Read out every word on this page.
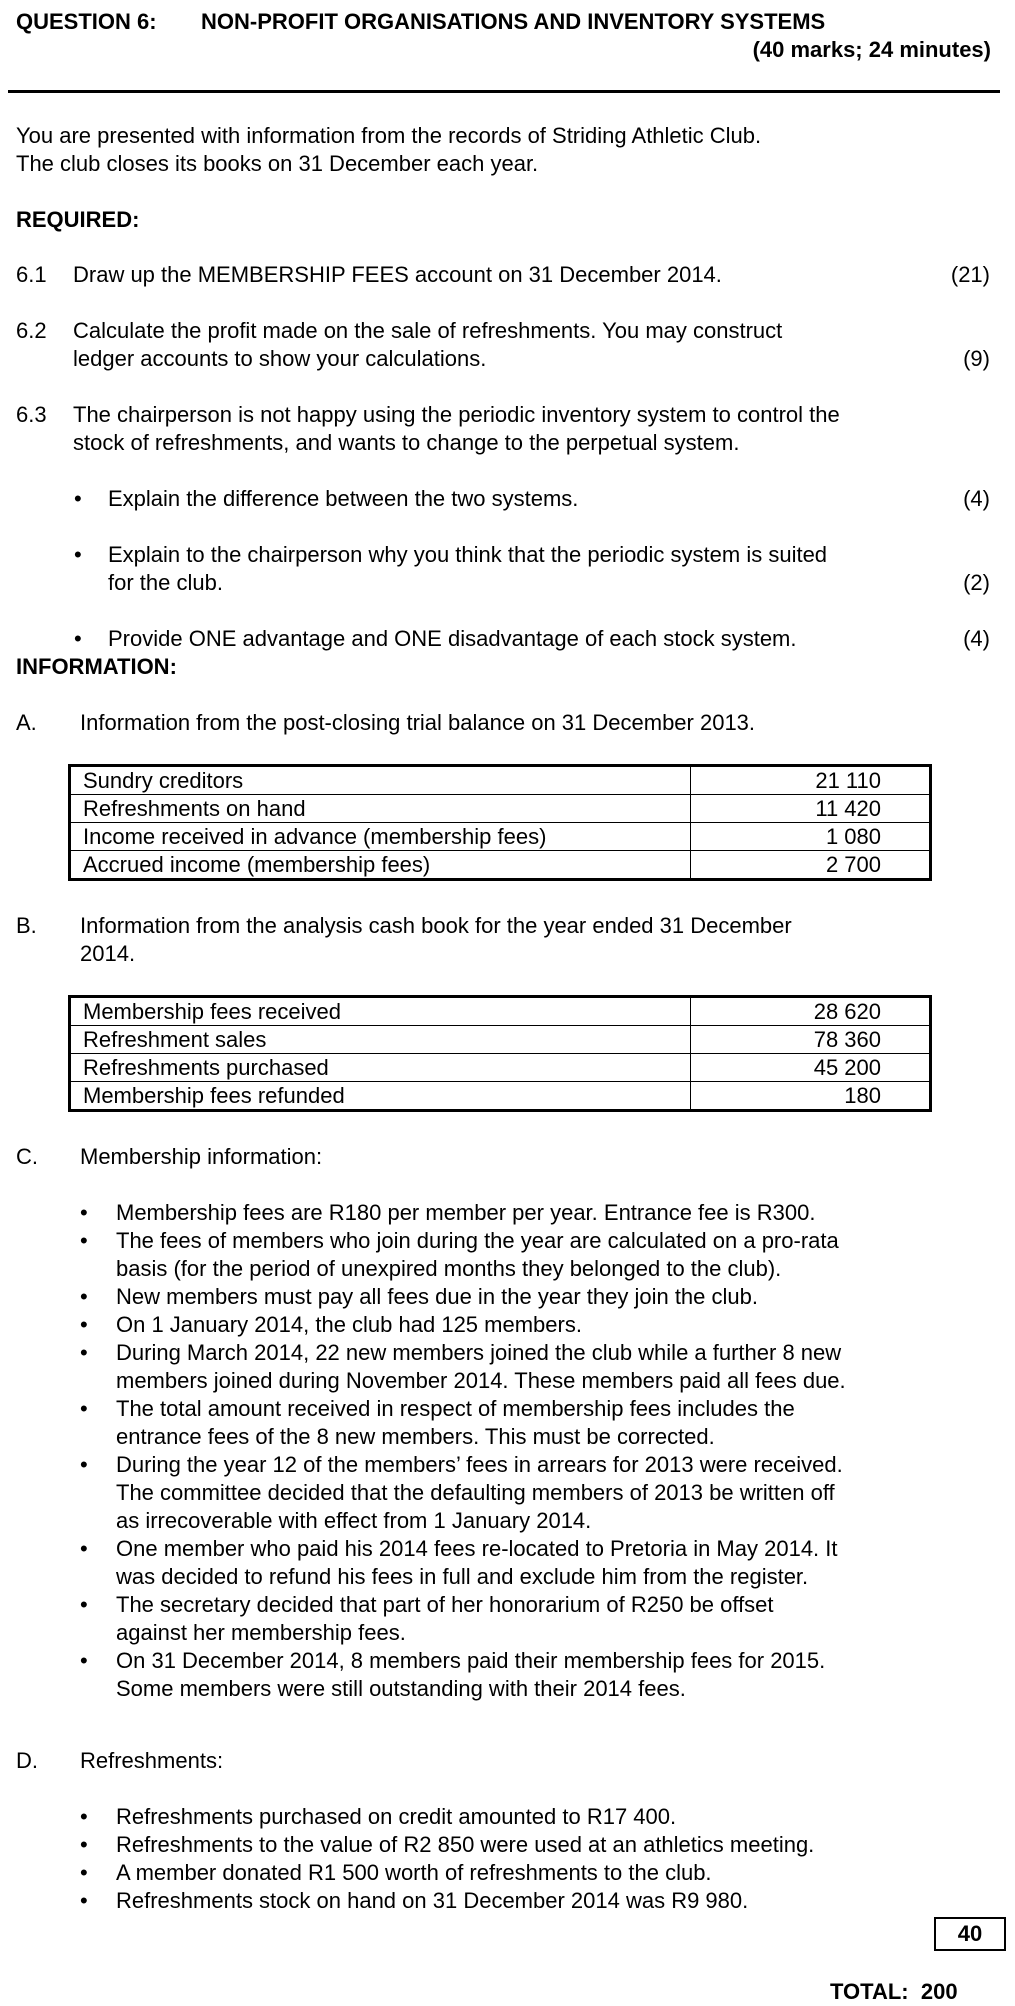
QUESTION 6: NON-PROFIT ORGANISATIONS AND INVENTORY SYSTEMS
(40 marks; 24 minutes)
You are presented with information from the records of Striding Athletic Club.
The club closes its books on 31 December each year.
REQUIRED:
6.1 Draw up the MEMBERSHIP FEES account on 31 December 2014.	(21)
6.2 Calculate the profit made on the sale of refreshments. You may construct
ledger accounts to show your calculations.	(9)
6.3 The chairperson is not happy using the periodic inventory system to control the
stock of refreshments, and wants to change to the perpetual system.
• Explain the difference between the two systems.	(4)
• Explain to the chairperson why you think that the periodic system is suited
for the club.	(2)
• Provide ONE advantage and ONE disadvantage of each stock system.	(4)
INFORMATION:
A. Information from the post-closing trial balance on 31 December 2013.
Sundry creditors	21 110
Refreshments on hand	11 420
Income received in advance (membership fees)	1 080
Accrued income (membership fees)	2 700
B. Information from the analysis cash book for the year ended 31 December
2014.
Membership fees received	28 620
Refreshment sales	78 360
Refreshments purchased	45 200
Membership fees refunded	180
C. Membership information:
• Membership fees are R180 per member per year. Entrance fee is R300.
• The fees of members who join during the year are calculated on a pro-rata
basis (for the period of unexpired months they belonged to the club).
• New members must pay all fees due in the year they join the club.
• On 1 January 2014, the club had 125 members.
• During March 2014, 22 new members joined the club while a further 8 new
members joined during November 2014. These members paid all fees due.
• The total amount received in respect of membership fees includes the
entrance fees of the 8 new members. This must be corrected.
• During the year 12 of the members’ fees in arrears for 2013 were received.
The committee decided that the defaulting members of 2013 be written off
as irrecoverable with effect from 1 January 2014.
• One member who paid his 2014 fees re-located to Pretoria in May 2014. It
was decided to refund his fees in full and exclude him from the register.
• The secretary decided that part of her honorarium of R250 be offset
against her membership fees.
• On 31 December 2014, 8 members paid their membership fees for 2015.
Some members were still outstanding with their 2014 fees.
D. Refreshments:
• Refreshments purchased on credit amounted to R17 400.
• Refreshments to the value of R2 850 were used at an athletics meeting.
• A member donated R1 500 worth of refreshments to the club.
• Refreshments stock on hand on 31 December 2014 was R9 980.
40
TOTAL: 200
